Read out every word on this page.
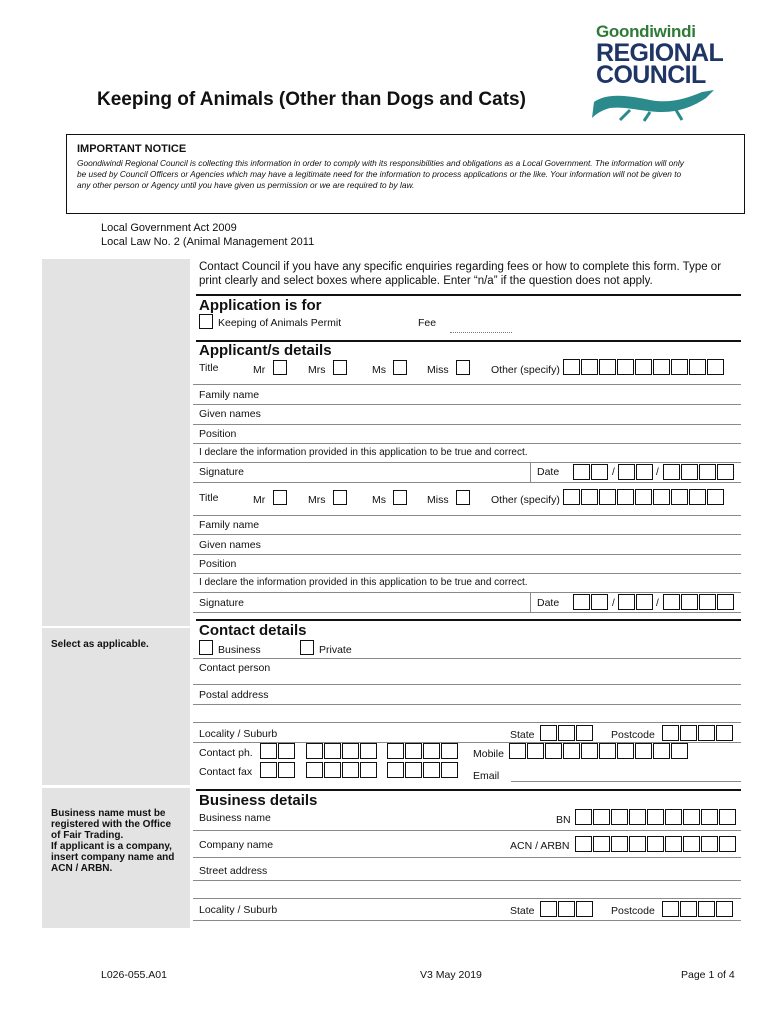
Goondiwindi
REGIONAL
COUNCIL
Keeping of Animals (Other than Dogs and Cats)
IMPORTANT NOTICE
Goondiwindi Regional Council is collecting this information in order to comply with its responsibilities and obligations as a Local Government. The information will only
be used by Council Officers or Agencies which may have a legitimate need for the information to process applications or the like. Your information will not be given to
any other person or Agency until you have given us permission or we are required to by law.
Local Government Act 2009
Local Law No. 2 (Animal Management 2011
Select as applicable.
Business name must be
registered with the Office
of Fair Trading.
If applicant is a company,
insert company name and
ACN / ARBN.
Contact Council if you have any specific enquiries regarding fees or how to complete this form. Type or
print clearly and select boxes where applicable. Enter “n/a” if the question does not apply.
Application is for
Keeping of Animals Permit	Fee
Applicant/s details
Title	Mr	Mrs	Ms	Miss	Other (specify)
Family name
Given names
Position
I declare the information provided in this application to be true and correct.
Signature	Date	/	/
Title	Mr	Mrs	Ms	Miss	Other (specify)
Family name
Given names
Position
I declare the information provided in this application to be true and correct.
Signature	Date	/	/
Contact details
Business	Private
Contact person
Postal address
Locality / Suburb	State	Postcode
Contact ph.	Mobile
Contact fax	Email
Business details
Business name	BN
Company name	ACN / ARBN
Street address
Locality / Suburb	State	Postcode
L026-055.A01	V3 May 2019	Page 1 of 4
